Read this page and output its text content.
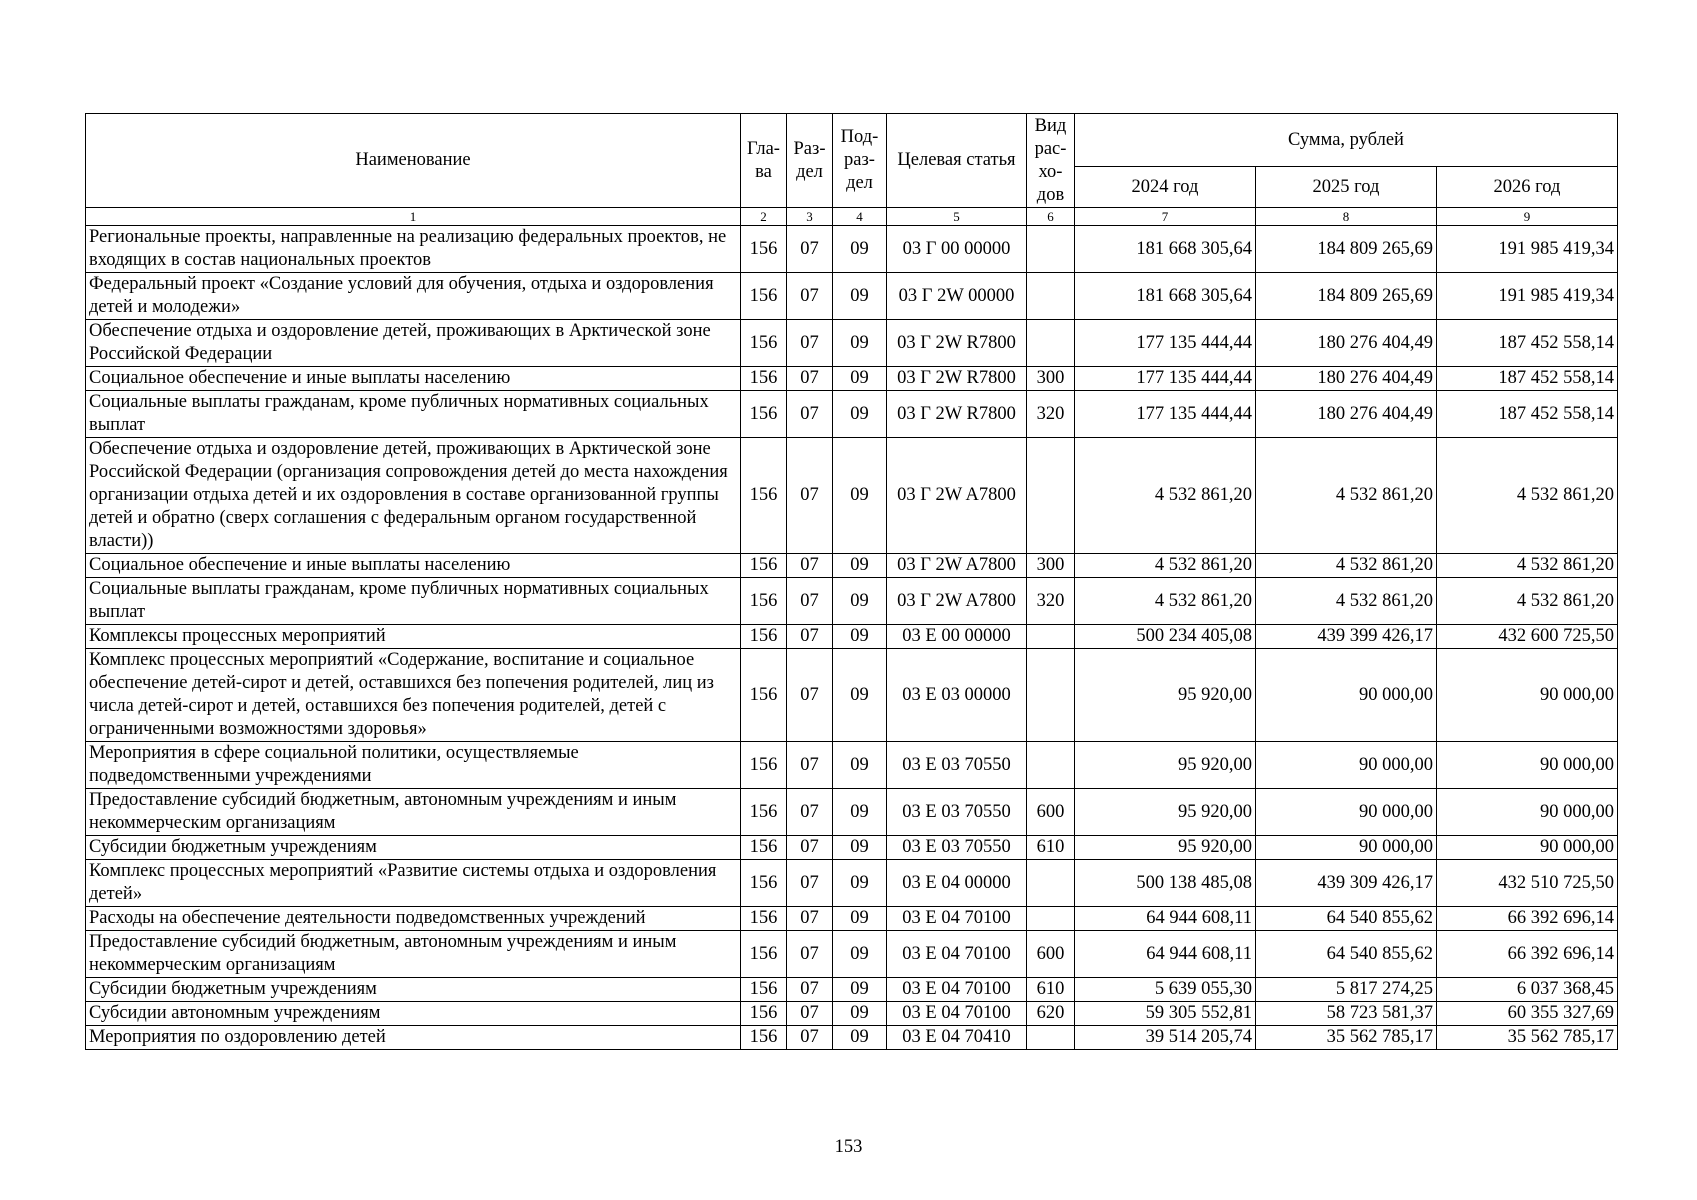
Наименование	Гла-ва	Раз-дел	Под-раз-дел	Целевая статья	Вид рас-хо-дов	Сумма, рублей		
						2024 год	2025 год	2026 год
1	2	3	4	5	6	7	8	9
Региональные проекты, направленные на реализацию федеральных проектов, не входящих в состав национальных проектов	156	07	09	03 Г 00 00000		181 668 305,64	184 809 265,69	191 985 419,34
Федеральный проект «Создание условий для обучения, отдыха и оздоровления детей и молодежи»	156	07	09	03 Г 2W 00000		181 668 305,64	184 809 265,69	191 985 419,34
Обеспечение отдыха и оздоровление детей, проживающих в Арктической зоне Российской Федерации	156	07	09	03 Г 2W R7800		177 135 444,44	180 276 404,49	187 452 558,14
Социальное обеспечение и иные выплаты населению	156	07	09	03 Г 2W R7800	300	177 135 444,44	180 276 404,49	187 452 558,14
Социальные выплаты гражданам, кроме публичных нормативных социальных выплат	156	07	09	03 Г 2W R7800	320	177 135 444,44	180 276 404,49	187 452 558,14
Обеспечение отдыха и оздоровление детей, проживающих в Арктической зоне Российской Федерации (организация сопровождения детей до места нахождения организации отдыха детей и их оздоровления в составе организованной группы детей и обратно (сверх соглашения с федеральным органом государственной власти))	156	07	09	03 Г 2W A7800		4 532 861,20	4 532 861,20	4 532 861,20
Социальное обеспечение и иные выплаты населению	156	07	09	03 Г 2W A7800	300	4 532 861,20	4 532 861,20	4 532 861,20
Социальные выплаты гражданам, кроме публичных нормативных социальных выплат	156	07	09	03 Г 2W A7800	320	4 532 861,20	4 532 861,20	4 532 861,20
Комплексы процессных мероприятий	156	07	09	03 Е 00 00000		500 234 405,08	439 399 426,17	432 600 725,50
Комплекс процессных мероприятий «Содержание, воспитание и социальное обеспечение детей-сирот и детей, оставшихся без попечения родителей, лиц из числа детей-сирот и детей, оставшихся без попечения родителей, детей с ограниченными возможностями здоровья»	156	07	09	03 Е 03 00000		95 920,00	90 000,00	90 000,00
Мероприятия в сфере социальной политики, осуществляемые подведомственными учреждениями	156	07	09	03 Е 03 70550		95 920,00	90 000,00	90 000,00
Предоставление субсидий бюджетным, автономным учреждениям и иным некоммерческим организациям	156	07	09	03 Е 03 70550	600	95 920,00	90 000,00	90 000,00
Субсидии бюджетным учреждениям	156	07	09	03 Е 03 70550	610	95 920,00	90 000,00	90 000,00
Комплекс процессных мероприятий «Развитие системы отдыха и оздоровления детей»	156	07	09	03 Е 04 00000		500 138 485,08	439 309 426,17	432 510 725,50
Расходы на обеспечение деятельности подведомственных учреждений	156	07	09	03 Е 04 70100		64 944 608,11	64 540 855,62	66 392 696,14
Предоставление субсидий бюджетным, автономным учреждениям и иным некоммерческим организациям	156	07	09	03 Е 04 70100	600	64 944 608,11	64 540 855,62	66 392 696,14
Субсидии бюджетным учреждениям	156	07	09	03 Е 04 70100	610	5 639 055,30	5 817 274,25	6 037 368,45
Субсидии автономным учреждениям	156	07	09	03 Е 04 70100	620	59 305 552,81	58 723 581,37	60 355 327,69
Мероприятия по оздоровлению детей	156	07	09	03 Е 04 70410		39 514 205,74	35 562 785,17	35 562 785,17
153
